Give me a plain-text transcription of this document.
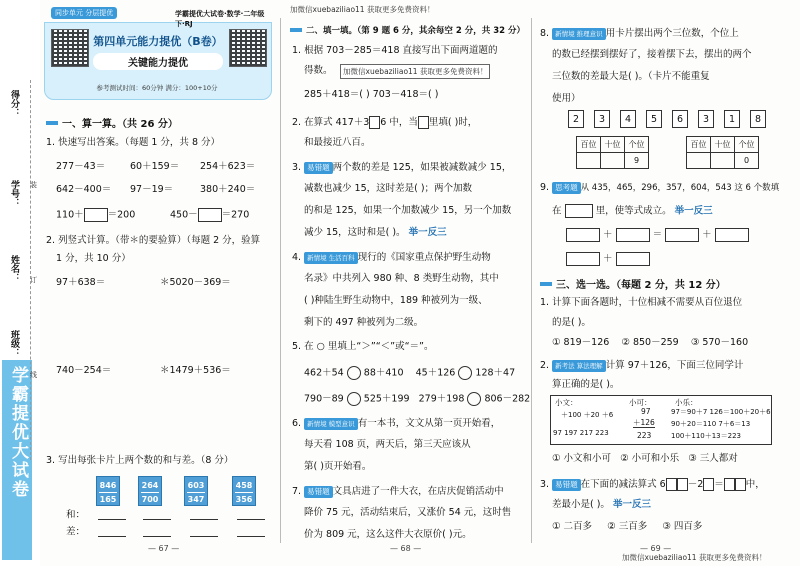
加微信xuebaziliao11 获取更多免费资料！
得分：
学号：
姓名：
班级：
学霸提优大试卷
装
订
线
同步单元 分层提优	学霸提优大试卷·数学·二年级下·RJ
第四单元能力提优（B卷）
关键能力提优
参考测试时间：60分钟 满分：100+10分
一、算一算。（共 26 分）
1. 快速写出答案。（每题 1 分，共 8 分）
277－43＝	60＋159＝ 254＋623＝
642－400＝ 97－19＝	380＋240＝
110＋	＝200	450－	＝270
2. 列竖式计算。（带＊的要验算）（每题 2 分，验算
1 分，共 10 分）
97＋638＝	＊5020－369＝
740－254＝	＊1479＋536＝
3. 写出每张卡片上两个数的和与差。（8 分）
846
165
264
700
603
347
458
356
和：
差：
— 67 —
二、填一填。（第 9 题 6 分，其余每空 2 分，共 32 分）
1. 根据 703－285＝418 直接写出下面两道题的
得数。	加微信xuebaziliao11 获取更多免费资料！
285＋418＝( ) 703－418＝( )
2. 在算式 417＋3 6 中，当 里填( )时，
和最接近八百。
3. 易错题 两个数的差是 125，如果被减数减少 15，
减数也减少 15，这时差是( )；两个加数
的和是 125，如果一个加数减少 15，另一个加数
减少 15，这时和是( )。 举一反三
4. 新情境 生活百科 现行的《国家重点保护野生动物
名录》中共列入 980 种、8 类野生动物，其中
( )种陆生野生动物中，189 种被列为一级、
剩下的 497 种被列为二级。
5. 在 ○ 里填上“＞”“＜”或“＝”。
462＋54 88＋410 45＋126 128＋47
790－89 525＋199 279＋198 806－282
6. 新情境 模型意识 有一本书，文文从第一页开始看，
每天看 108 页，两天后，第三天应该从
第( )页开始看。
7. 易错题 文具店进了一件大衣，在店庆促销活动中
降价 75 元，活动结束后，又涨价 54 元，这时售
价为 809 元，这么这件大衣原价( )元。
— 68 —
8. 新情境 推理意识 用卡片摆出两个三位数，个位上
的数已经摆到摆好了，接着摆下去，摆出的两个
三位数的差最大是( )。（卡片不能重复
使用）
2	3	4	5	6	3	1	8
百位	十位	个位
		9
百位	十位	个位
		0
9. 思考题 从 435，465，296，357，604，543 这 6 个数填
在	里，使等式成立。 举一反三
＋	＝	＋
＋
三、选一选。（每题 2 分，共 12 分）
1. 计算下面各题时，十位相减不需要从百位退位
的是( )。
① 819－126 ② 850－259 ③ 570－160
2. 新考法 算法理解 计算 97＋126，下面三位同学计
算正确的是( )。
小文：	小可：	小乐：
＋100 ＋20 ＋6
97 197 217 223
97
＋126
223
97＝90＋7 126＝100＋20＋6
90＋20＝110 7＋6＝13
100＋110＋13＝223
① 小文和小可 ② 小可和小乐 ③ 三人都对
3. 易错题 在下面的减法算式 6 －2 ＝ 中，
差最小是( )。 举一反三
① 二百多 ② 三百多 ③ 四百多
— 69 —
加微信xuebaziliao11 获取更多免费资料！
